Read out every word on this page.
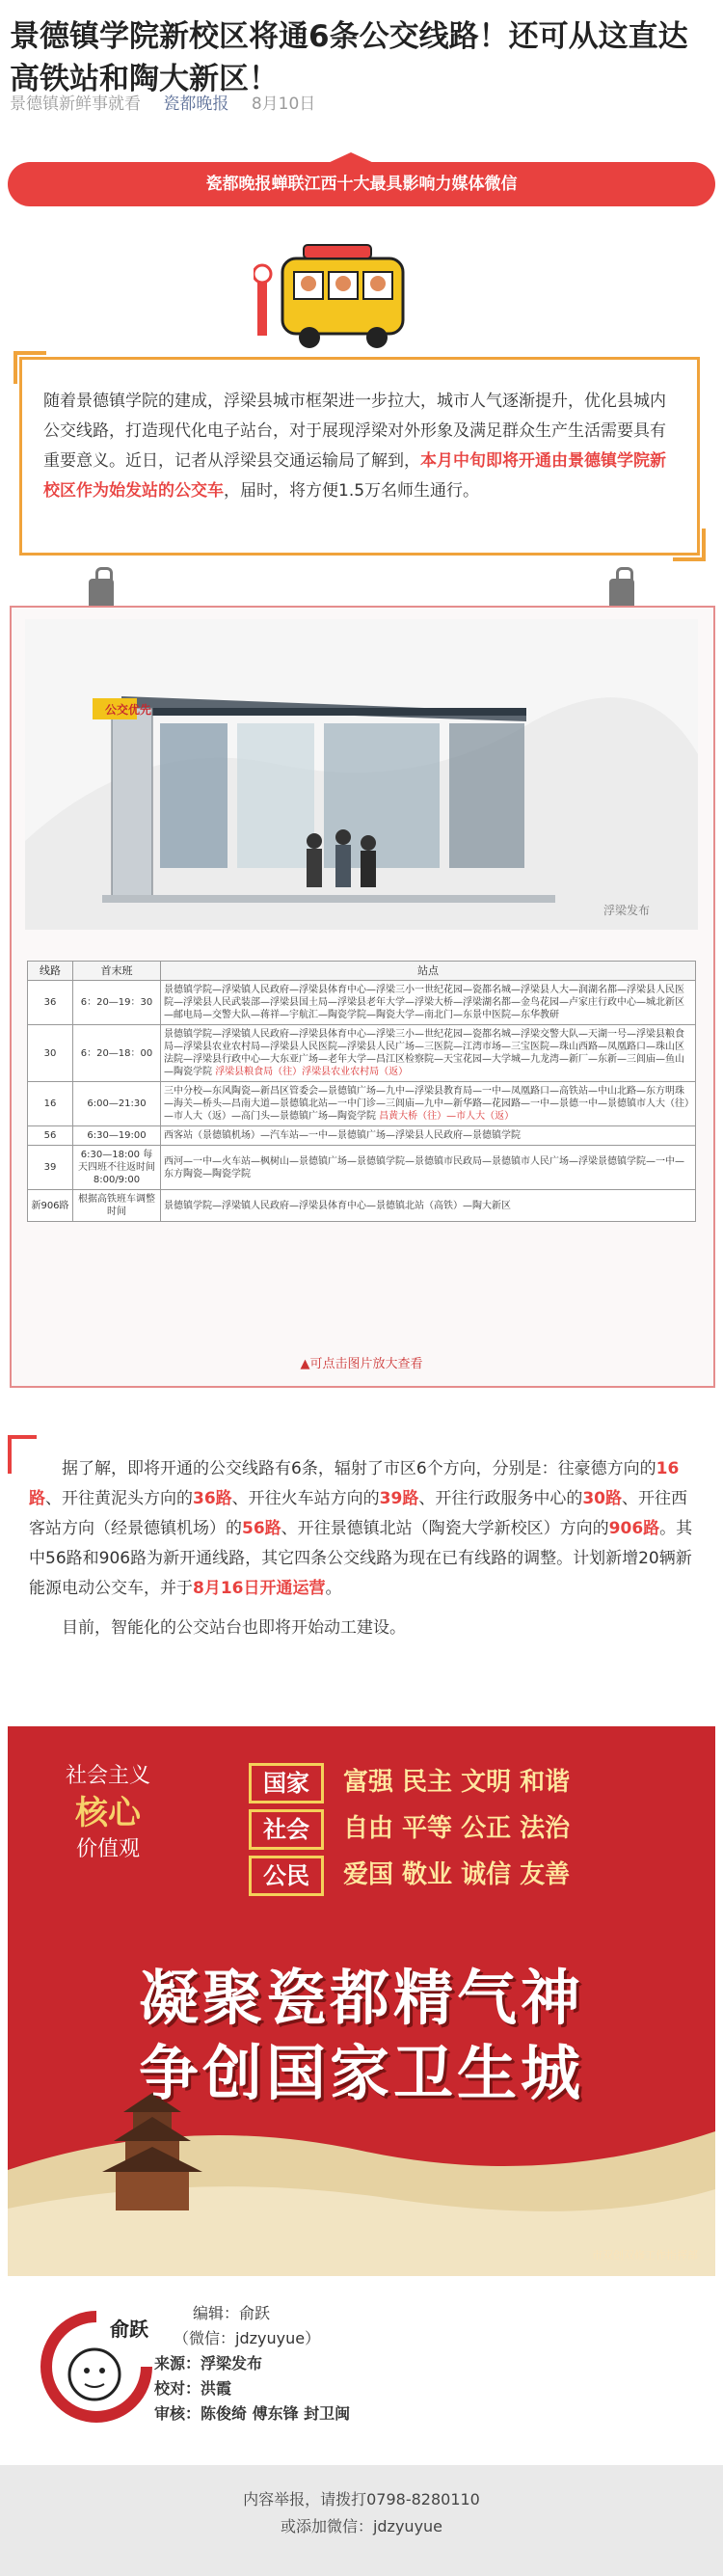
景德镇学院新校区将通6条公交线路！还可从这直达高铁站和陶大新区！
景德镇新鲜事就看 瓷都晚报 8月10日
瓷都晚报蝉联江西十大最具影响力媒体微信
随着景德镇学院的建成，浮梁县城市框架进一步拉大，城市人气逐渐提升，优化县城内公交线路，打造现代化电子站台，对于展现浮梁对外形象及满足群众生产生活需要具有重要意义。近日，记者从浮梁县交通运输局了解到，本月中旬即将开通由景德镇学院新校区作为始发站的公交车，届时，将方便1.5万名师生通行。
公交优先
浮梁发布
线路	首末班	站点
36	6：20—19：30	景德镇学院—浮梁镇人民政府—浮梁县体育中心—浮梁三小一世纪花园—瓷都名城—浮梁县人大—润湖名都—浮梁县人民医院—浮梁县人民武装部—浮梁县国土局—浮梁县老年大学—浮梁大桥—浮梁湖名都—金鸟花园—卢家庄行政中心—城北新区—邮电局—交警大队—蒋祥—宇航汇—陶瓷学院—陶瓷大学—南北门—东景中医院—东华教研
30	6：20—18：00	景德镇学院—浮梁镇人民政府—浮梁县体育中心—浮梁三小—世纪花园—瓷都名城—浮梁交警大队—天湖一号—浮梁县粮食局—浮梁县农业农村局—浮梁县人民医院—浮梁县人民广场—三医院—江湾市场—三宝医院—珠山西路—凤凰路口—珠山区法院—浮梁县行政中心—大东亚广场—老年大学—昌江区检察院—天宝花园—大学城—九龙湾—新厂—东新—三闾庙—鱼山—陶瓷学院 浮梁县粮食局（往）浮梁县农业农村局（返）
16	6:00—21:30	三中分校—东风陶瓷—新昌区管委会—景德镇广场—九中—浮梁县教育局—一中—凤凰路口—高铁站—中山北路—东方明珠—海关—桥头—昌南大道—景德镇北站—一中门诊—三闾庙—九中—新华路—花园路—一中—景德一中—景德镇市人大（往）—市人大（返）—高门头—景德镇广场—陶瓷学院 昌黄大桥（往）—市人大（返）
56	6:30—19:00	西客站（景德镇机场）—汽车站—一中—景德镇广场—浮梁县人民政府—景德镇学院
39	6:30—18:00 每天四班不往返时间8:00/9:00	西河—一中—火车站—枫树山—景德镇广场—景德镇学院—景德镇市民政局—景德镇市人民广场—浮梁景德镇学院—一中—东方陶瓷—陶瓷学院
新906路	根据高铁班车调整时间	景德镇学院—浮梁镇人民政府—浮梁县体育中心—景德镇北站（高铁）—陶大新区
▲可点击图片放大查看

据了解，即将开通的公交线路有6条，辐射了市区6个方向，分别是：往豪德方向的16路、开往黄泥头方向的36路、开往火车站方向的39路、开往行政服务中心的30路、开往西客站方向（经景德镇机场）的56路、开往景德镇北站（陶瓷大学新校区）方向的906路。其中56路和906路为新开通线路，其它四条公交线路为现在已有线路的调整。计划新增20辆新能源电动公交车，并于8月16日开通运营。

目前，智能化的公交站台也即将开始动工建设。

社会主义
核心
价值观
国家 富强 民主 文明 和谐
社会 自由 平等 公正 法治
公民 爱国 敬业 诚信 友善
凝聚瓷都精气神
争创国家卫生城
市双创双修工作指挥部
俞跃
编辑：俞跃
（微信：jdzyuyue）
来源：浮梁发布
校对：洪霞
审核：陈俊绮 傅东锋 封卫闽
内容举报，请拨打0798-8280110
或添加微信：jdzyuyue
